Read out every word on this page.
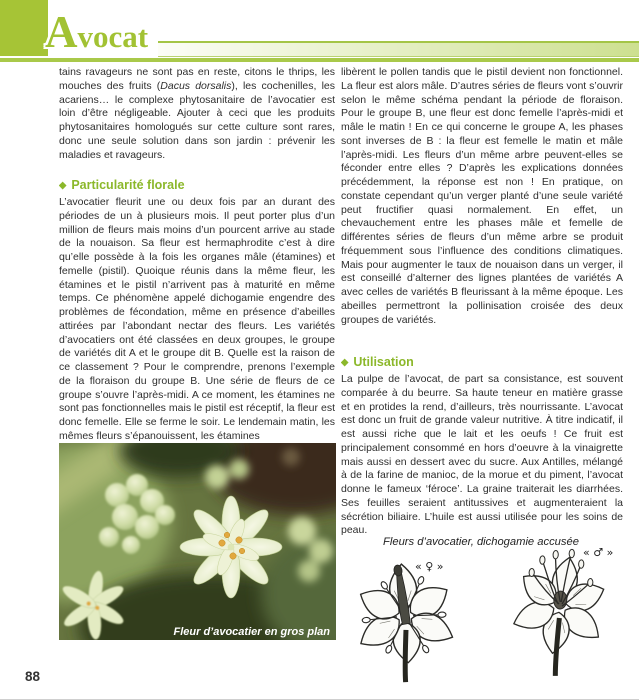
Avocat

tains ravageurs ne sont pas en reste, citons le thrips, les mouches des fruits (Dacus dorsalis), les cochenilles, les acariens… le complexe phytosanitaire de l’avocatier est loin d’être négligeable. Ajouter à ceci que les produits phytosanitaires homologués sur cette culture sont rares, donc une seule solution dans son jardin : prévenir les maladies et ravageurs.

◆ Particularité florale

L’avocatier fleurit une ou deux fois par an durant des périodes de un à plusieurs mois. Il peut porter plus d’un million de fleurs mais moins d’un pourcent arrive au stade de la nouaison. Sa fleur est hermaphrodite c’est à dire qu’elle possède à la fois les organes mâle (étamines) et femelle (pistil). Quoique réunis dans la même fleur, les étamines et le pistil n’arrivent pas à maturité en même temps. Ce phénomène appelé dichogamie engendre des problèmes de fécondation, même en présence d’abeilles attirées par l’abondant nectar des fleurs. Les variétés d’avocatiers ont été classées en deux groupes, le groupe de variétés dit A et le groupe dit B. Quelle est la raison de ce classement ? Pour le comprendre, prenons l’exemple de la floraison du groupe B. Une série de fleurs de ce groupe s’ouvre l’après-midi. A ce moment, les étamines ne sont pas fonctionnelles mais le pistil est réceptif, la fleur est donc femelle. Elle se ferme le soir. Le lendemain matin, les mêmes fleurs s’épanouissent, les étamines

libèrent le pollen tandis que le pistil devient non fonctionnel. La fleur est alors mâle. D’autres séries de fleurs vont s’ouvrir selon le même schéma pendant la période de floraison. Pour le groupe B, une fleur est donc femelle l’après-midi et mâle le matin ! En ce qui concerne le groupe A, les phases sont inverses de B : la fleur est femelle le matin et mâle l’après-midi. Les fleurs d’un même arbre peuvent-elles se féconder entre elles ? D’après les explications données précédemment, la réponse est non ! En pratique, on constate cependant qu’un verger planté d’une seule variété peut fructifier quasi normalement. En effet, un chevauchement entre les phases mâle et femelle de différentes séries de fleurs d’un même arbre se produit fréquemment sous l’influence des conditions climatiques. Mais pour augmenter le taux de nouaison dans un verger, il est conseillé d’alterner des lignes plantées de variétés A avec celles de variétés B fleurissant à la même époque. Les abeilles permettront la pollinisation croisée des deux groupes de variétés.

◆ Utilisation

La pulpe de l’avocat, de part sa consistance, est souvent comparée à du beurre. Sa haute teneur en matière grasse et en protides la rend, d’ailleurs, très nourrissante. L’avocat est donc un fruit de grande valeur nutritive. À titre indicatif, il est aussi riche que le lait et les oeufs ! Ce fruit est principalement consommé en hors d’oeuvre à la vinaigrette mais aussi en dessert avec du sucre. Aux Antilles, mélangé à de la farine de manioc, de la morue et du piment, l’avocat donne le fameux ‘féroce’. La graine traiterait les diarrhées. Ses feuilles seraient antitussives et augmenteraient la sécrétion biliaire. L’huile est aussi utilisée pour les soins de peau.

Fleur d’avocatier en gros plan
Fleurs d’avocatier, dichogamie accusée
« ♀ »
« ♂ »
88
